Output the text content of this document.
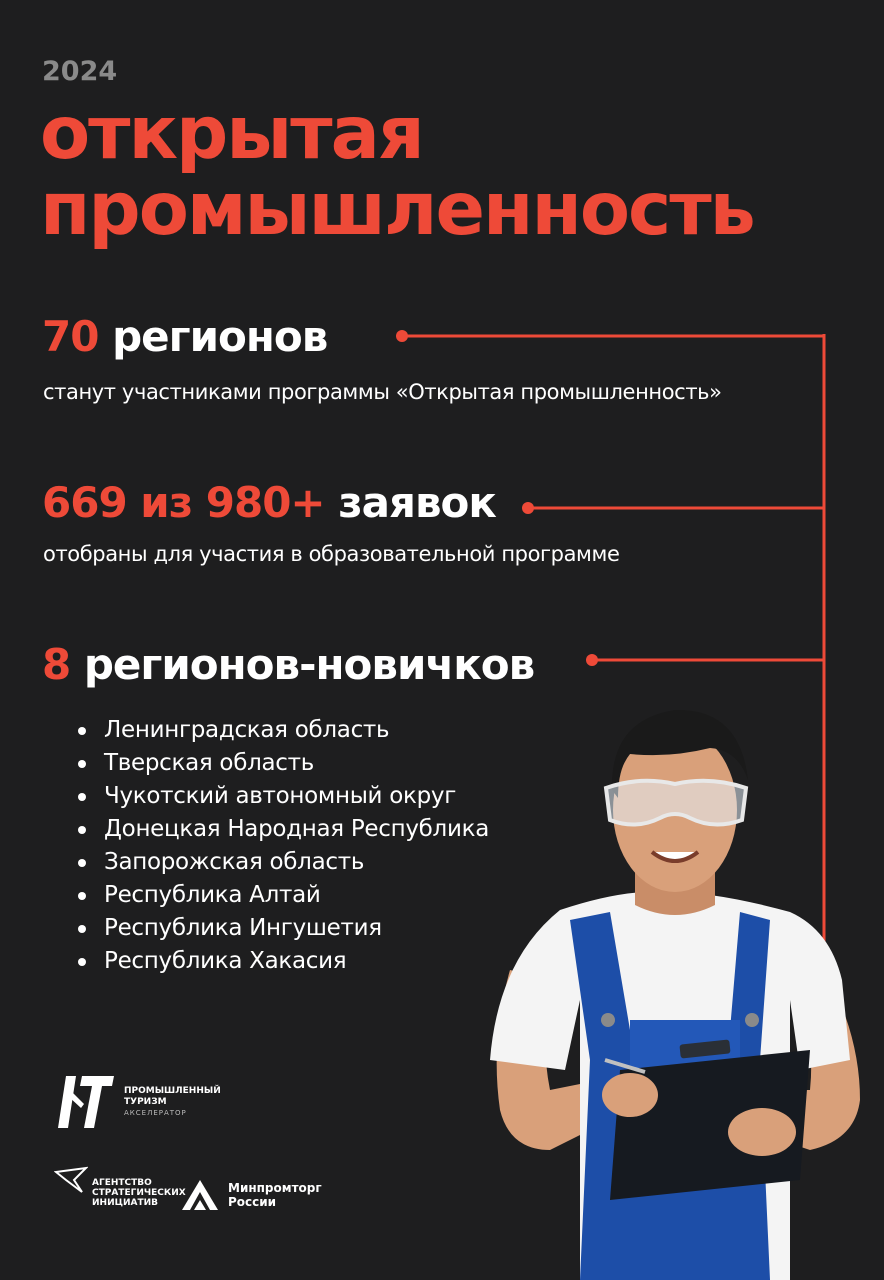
2024
открытая
промышленность
70 регионов
станут участниками программы «Открытая промышленность»
669 из 980+ заявок
отобраны для участия в образовательной программе
8 регионов-новичков
Ленинградская область
Тверская область
Чукотский автономный округ
Донецкая Народная Республика
Запорожская область
Республика Алтай
Республика Ингушетия
Республика Хакасия
ПРОМЫШЛЕННЫЙ
ТУРИЗМ
АКСЕЛЕРАТОР
АГЕНТСТВО
СТРАТЕГИЧЕСКИХ
ИНИЦИАТИВ
Минпромторг
России
